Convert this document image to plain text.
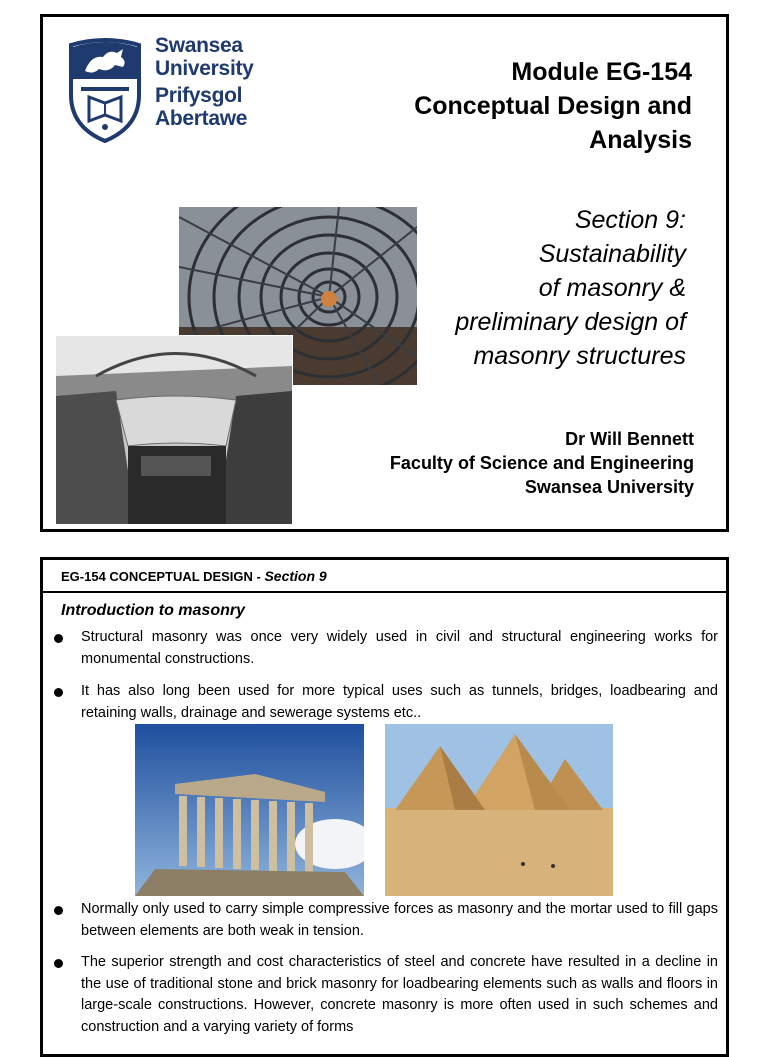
Swansea
University
Prifysgol
Abertawe
Module EG-154
Conceptual Design and
Analysis
Section 9:
Sustainability
of masonry &
preliminary design of
masonry structures
Dr Will Bennett
Faculty of Science and Engineering
Swansea University
EG-154 CONCEPTUAL DESIGN - Section 9
Introduction to masonry
Structural masonry was once very widely used in civil and structural engineering works for monumental constructions.
It has also long been used for more typical uses such as tunnels, bridges, loadbearing and retaining walls, drainage and sewerage systems etc..
Normally only used to carry simple compressive forces as masonry and the mortar used to fill gaps between elements are both weak in tension.
The superior strength and cost characteristics of steel and concrete have resulted in a decline in the use of traditional stone and brick masonry for loadbearing elements such as walls and floors in large-scale constructions. However, concrete masonry is more often used in such schemes and construction and a varying variety of forms
